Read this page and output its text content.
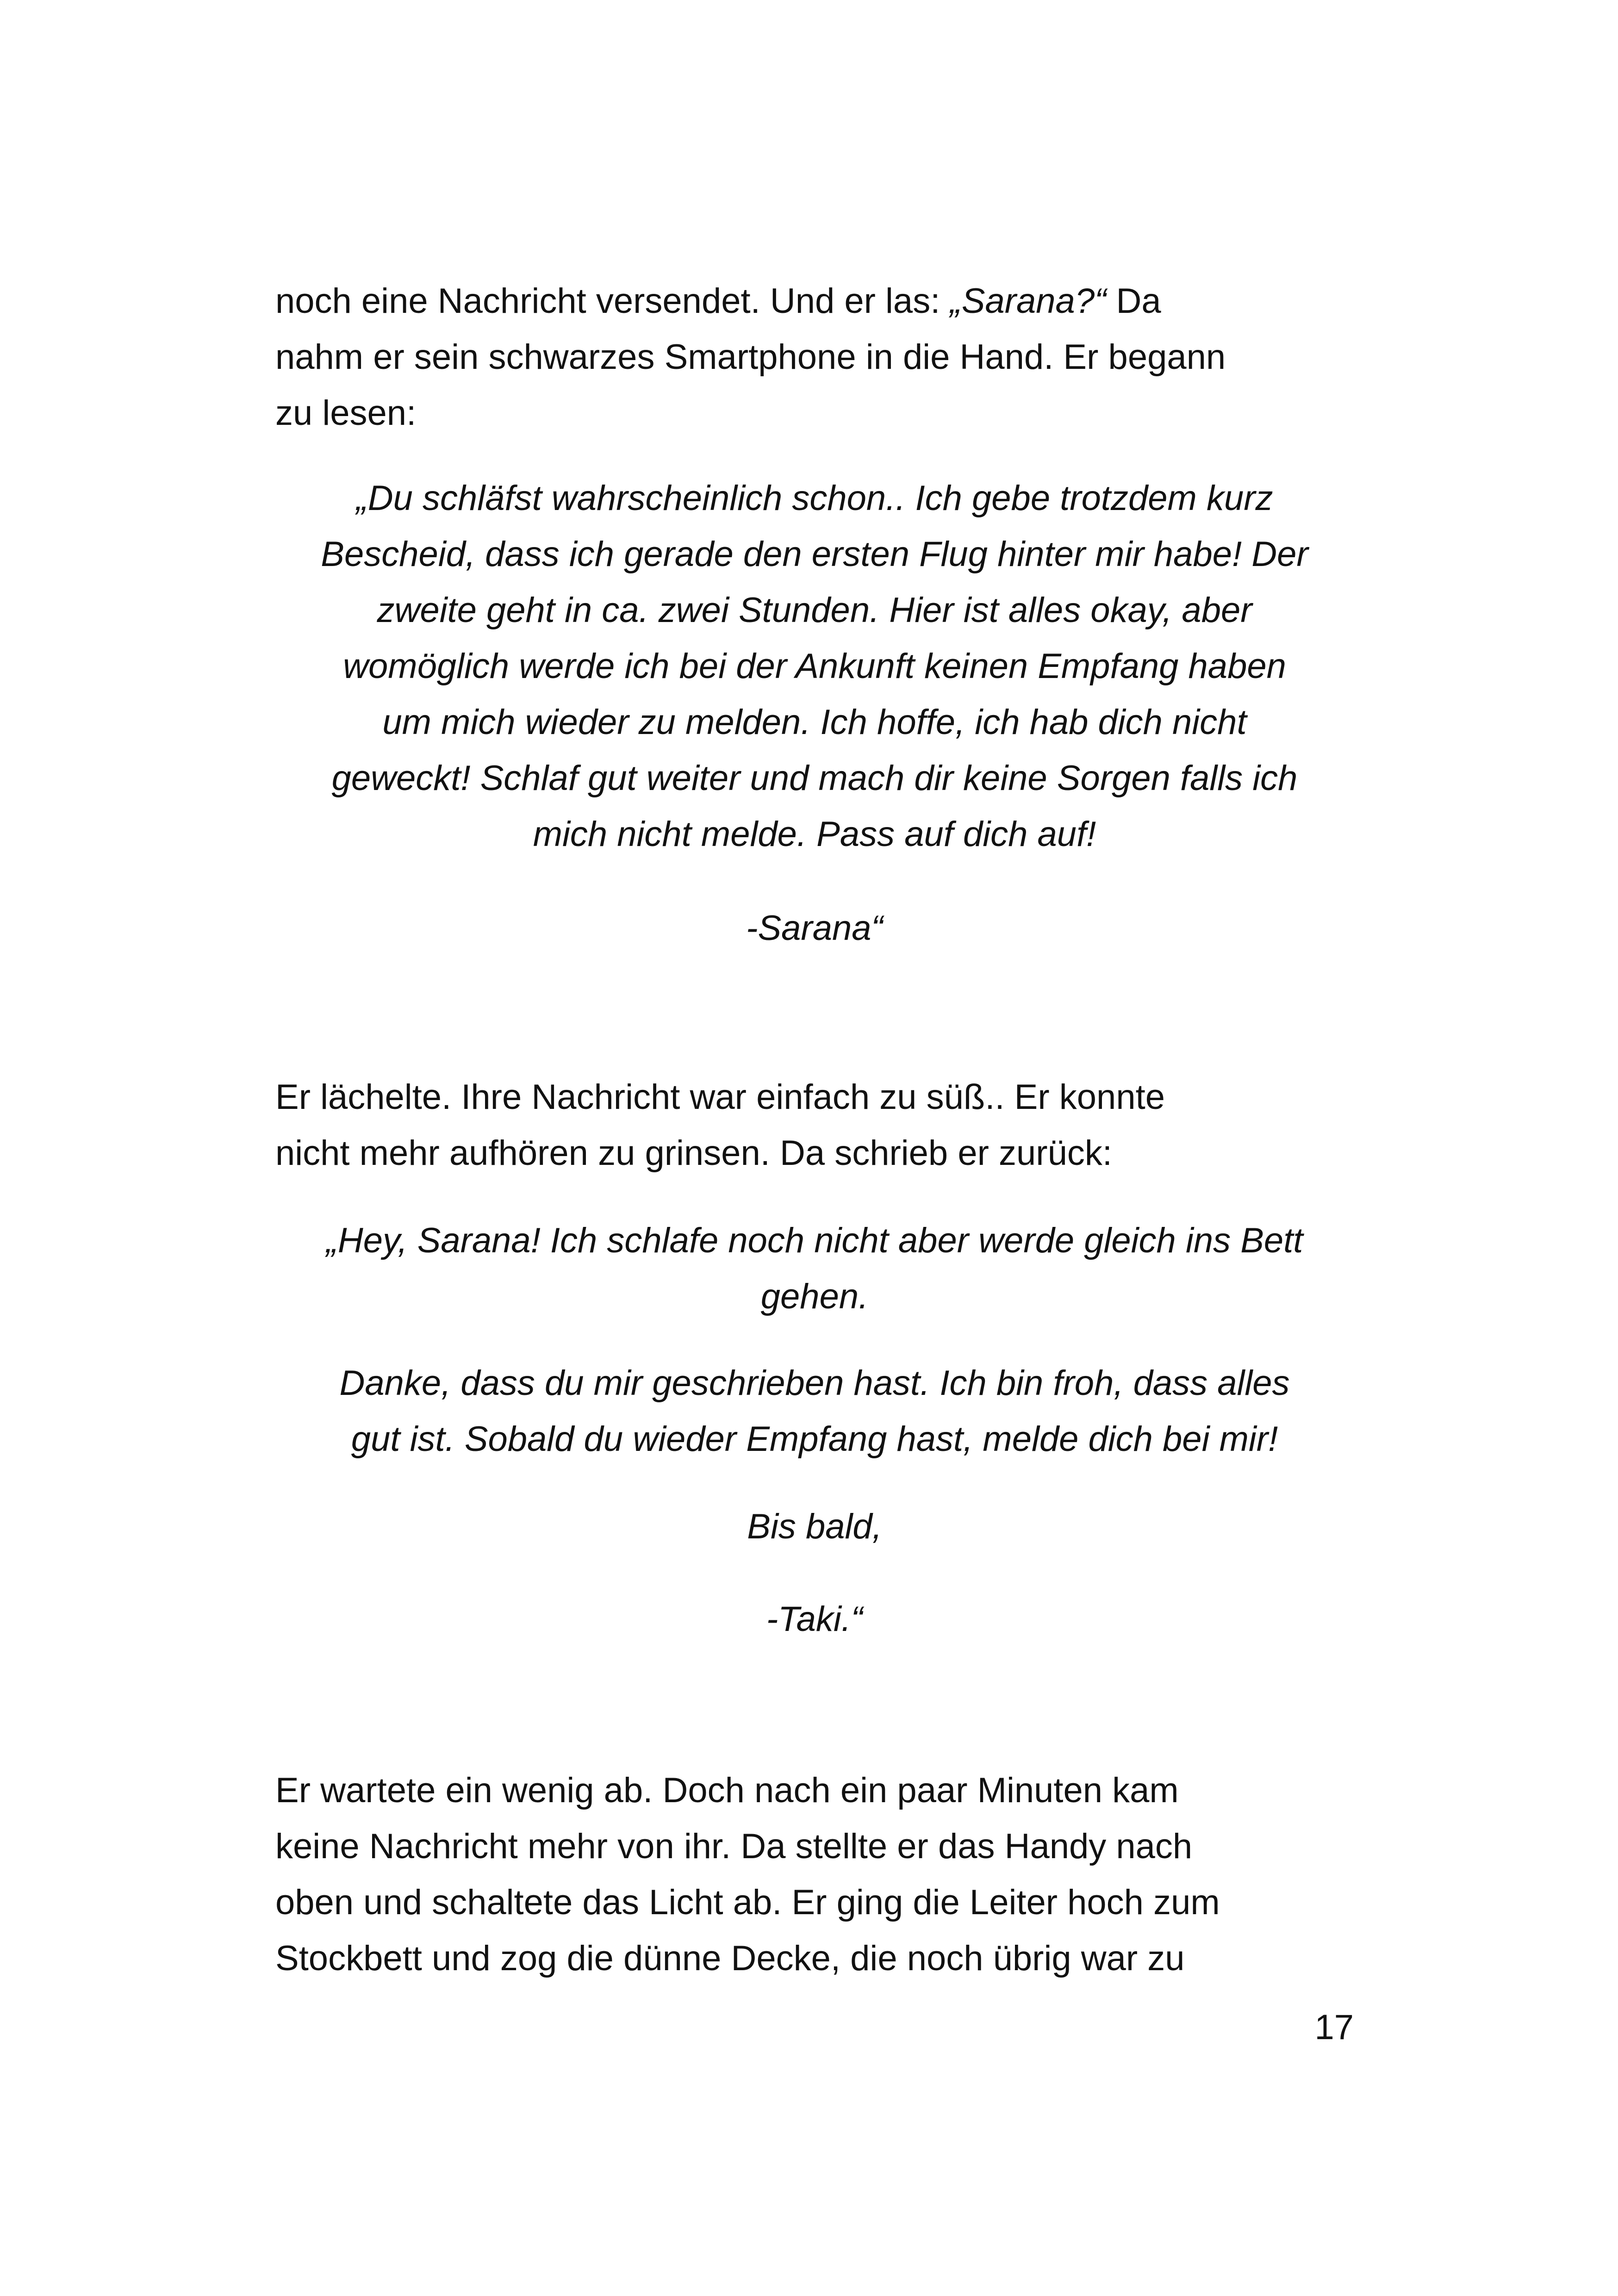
noch eine Nachricht versendet. Und er las: „Sarana?“ Da
nahm er sein schwarzes Smartphone in die Hand. Er begann
zu lesen:
„Du schläfst wahrscheinlich schon.. Ich gebe trotzdem kurz
Bescheid, dass ich gerade den ersten Flug hinter mir habe! Der
zweite geht in ca. zwei Stunden. Hier ist alles okay, aber
womöglich werde ich bei der Ankunft keinen Empfang haben
um mich wieder zu melden. Ich hoffe, ich hab dich nicht
geweckt! Schlaf gut weiter und mach dir keine Sorgen falls ich
mich nicht melde. Pass auf dich auf!
-Sarana“
Er lächelte. Ihre Nachricht war einfach zu süß.. Er konnte
nicht mehr aufhören zu grinsen. Da schrieb er zurück:
„Hey, Sarana! Ich schlafe noch nicht aber werde gleich ins Bett
gehen.
Danke, dass du mir geschrieben hast. Ich bin froh, dass alles
gut ist. Sobald du wieder Empfang hast, melde dich bei mir!
Bis bald,
-Taki.“
Er wartete ein wenig ab. Doch nach ein paar Minuten kam
keine Nachricht mehr von ihr. Da stellte er das Handy nach
oben und schaltete das Licht ab. Er ging die Leiter hoch zum
Stockbett und zog die dünne Decke, die noch übrig war zu
17
